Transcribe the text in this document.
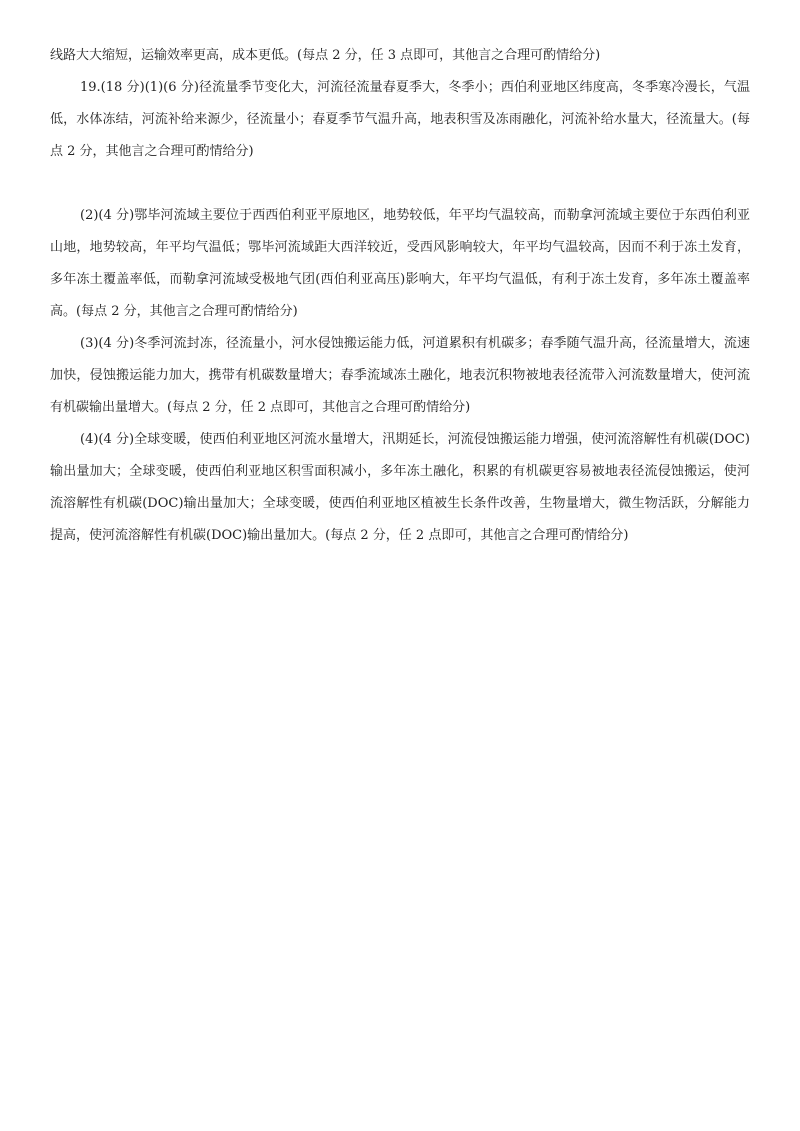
线路大大缩短，运输效率更高，成本更低。(每点 2 分，任 3 点即可，其他言之合理可酌情给分)

19.(18 分)(1)(6 分)径流量季节变化大，河流径流量春夏季大，冬季小；西伯利亚地区纬度高，冬季寒冷漫长，气温低，水体冻结，河流补给来源少，径流量小；春夏季节气温升高，地表积雪及冻雨融化，河流补给水量大，径流量大。(每点 2 分，其他言之合理可酌情给分)

(2)(4 分)鄂毕河流域主要位于西西伯利亚平原地区，地势较低，年平均气温较高，而勒拿河流域主要位于东西伯利亚山地，地势较高，年平均气温低；鄂毕河流域距大西洋较近，受西风影响较大，年平均气温较高，因而不利于冻土发育，多年冻土覆盖率低，而勒拿河流域受极地气团(西伯利亚高压)影响大，年平均气温低，有利于冻土发育，多年冻土覆盖率高。(每点 2 分，其他言之合理可酌情给分)

(3)(4 分)冬季河流封冻，径流量小，河水侵蚀搬运能力低，河道累积有机碳多；春季随气温升高，径流量增大，流速加快，侵蚀搬运能力加大，携带有机碳数量增大；春季流域冻土融化，地表沉积物被地表径流带入河流数量增大，使河流有机碳输出量增大。(每点 2 分，任 2 点即可，其他言之合理可酌情给分)

(4)(4 分)全球变暖，使西伯利亚地区河流水量增大，汛期延长，河流侵蚀搬运能力增强，使河流溶解性有机碳(DOC)输出量加大；全球变暖，使西伯利亚地区积雪面积减小，多年冻土融化，积累的有机碳更容易被地表径流侵蚀搬运，使河流溶解性有机碳(DOC)输出量加大；全球变暖，使西伯利亚地区植被生长条件改善，生物量增大，微生物活跃，分解能力提高，使河流溶解性有机碳(DOC)输出量加大。(每点 2 分，任 2 点即可，其他言之合理可酌情给分)
